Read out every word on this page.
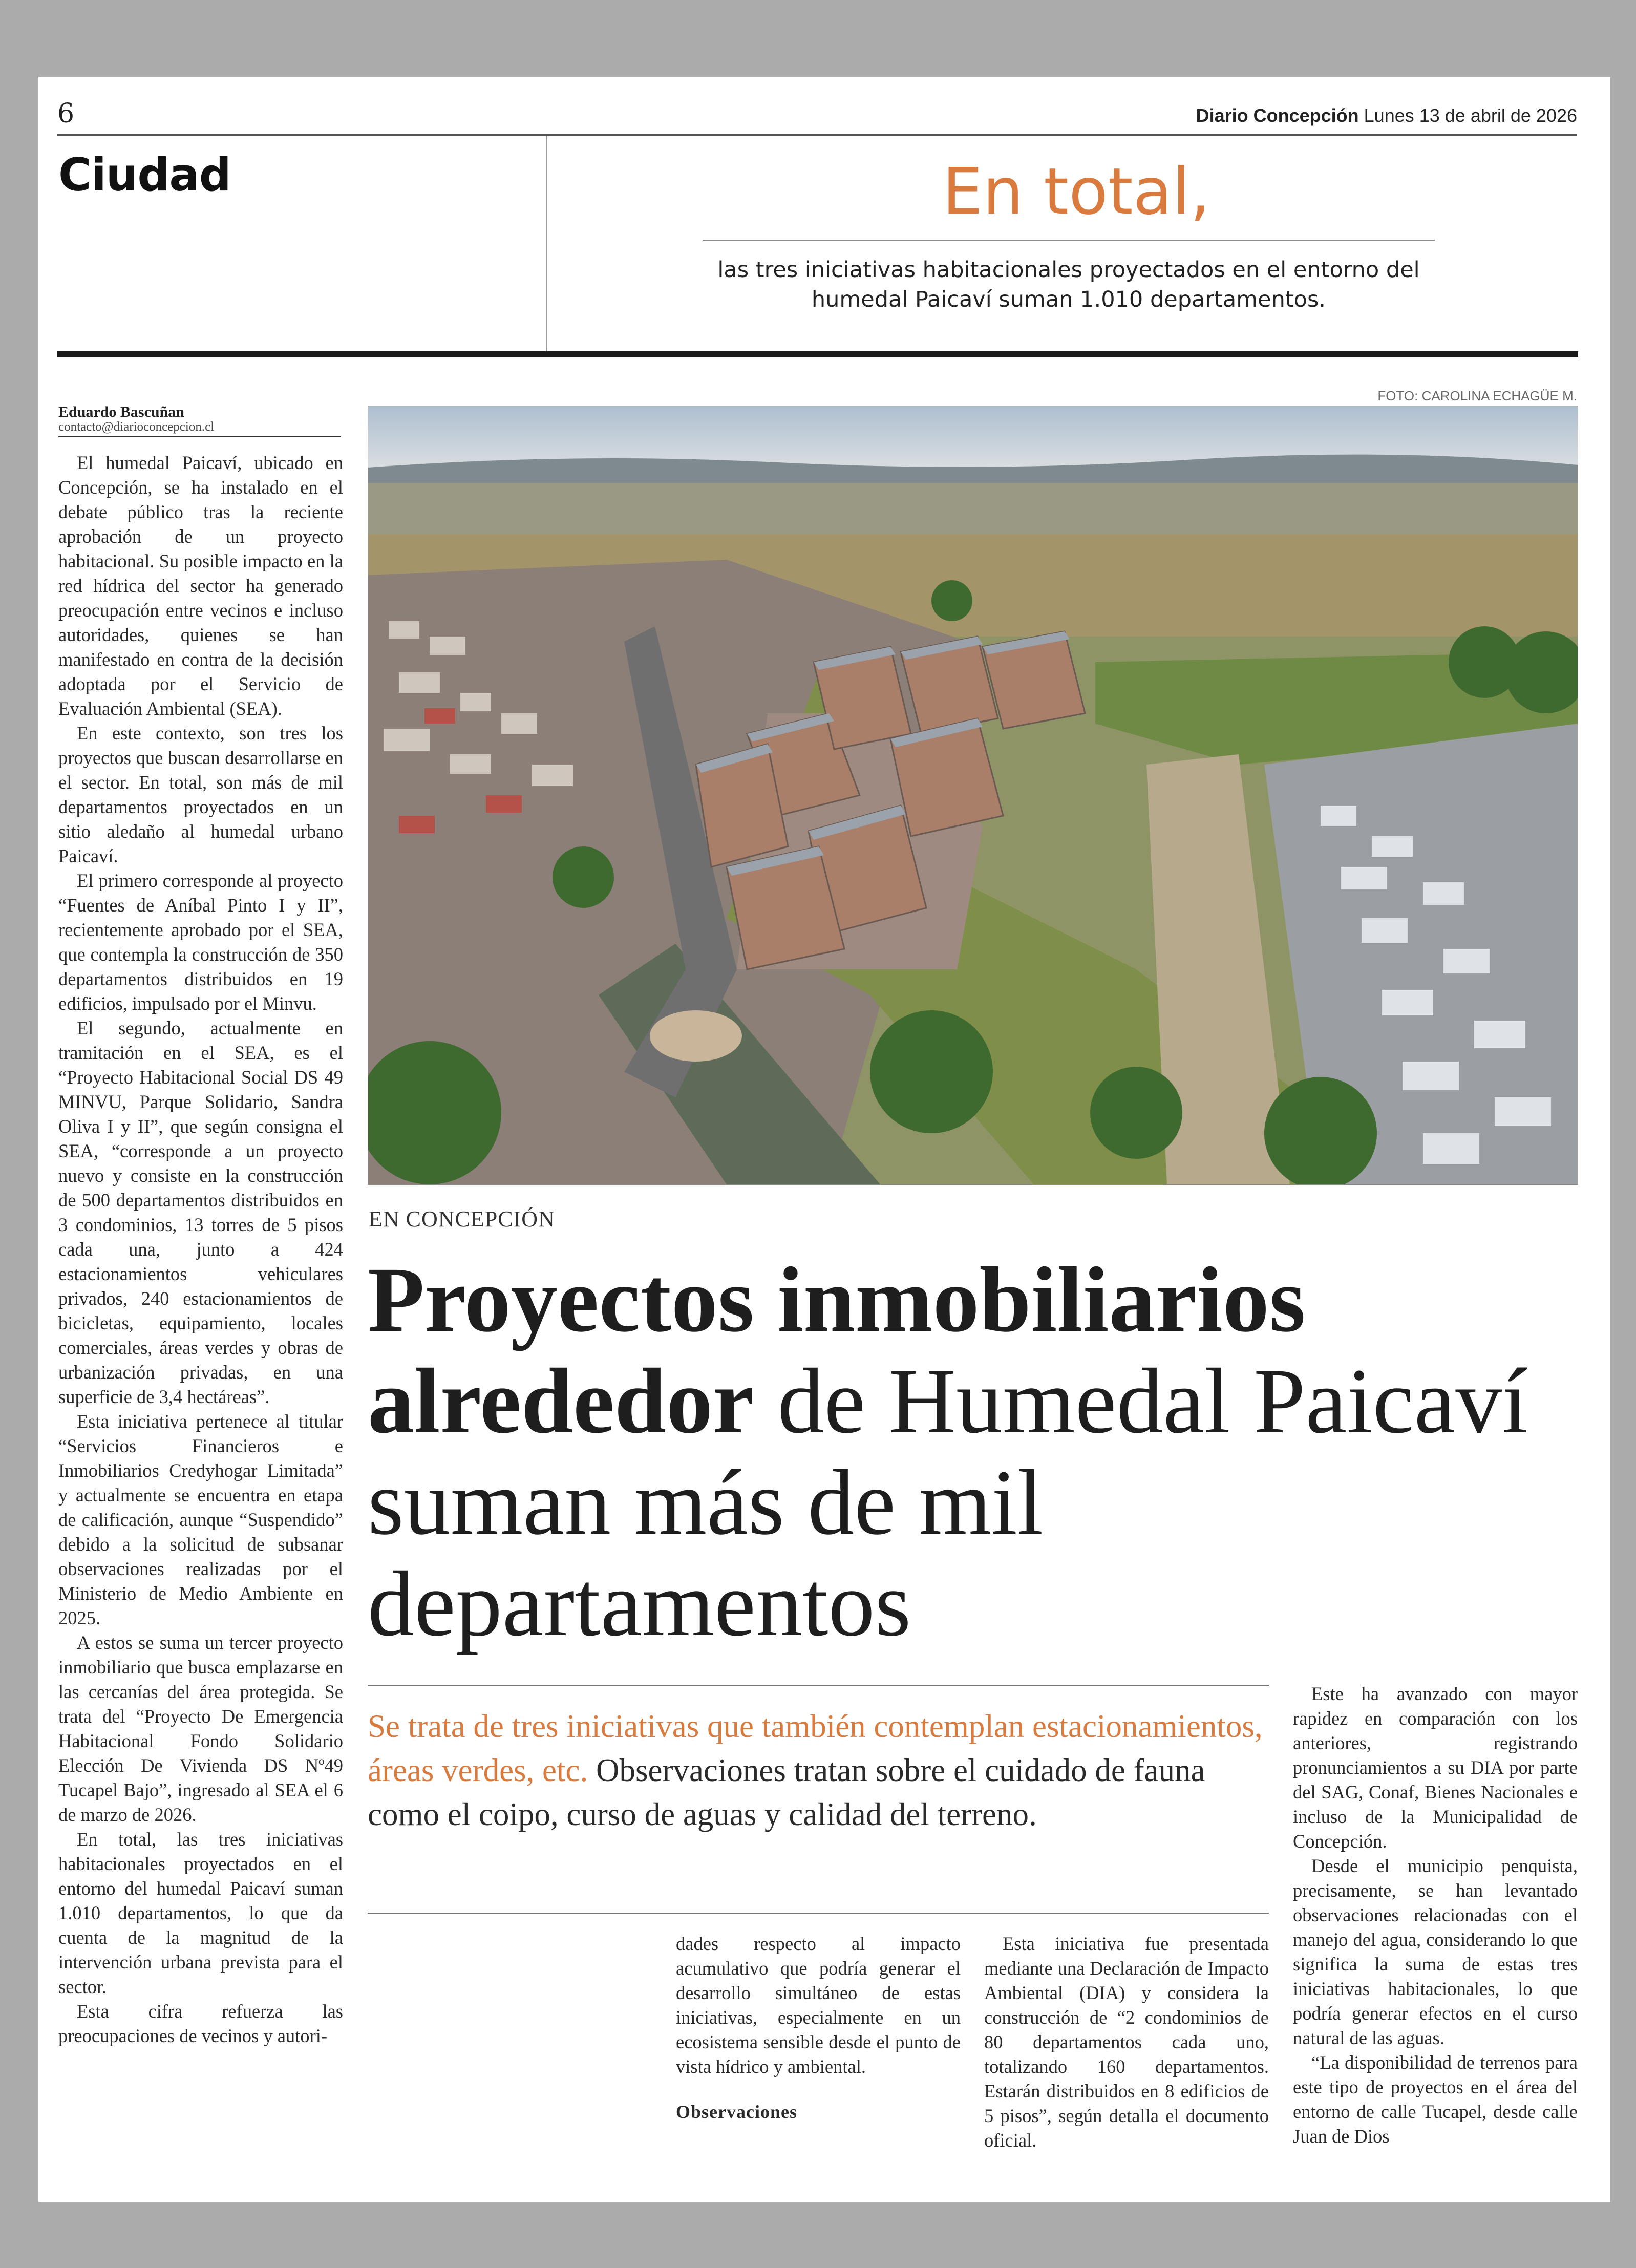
6	Diario Concepción Lunes 13 de abril de 2026
Ciudad	En total,
las tres iniciativas habitacionales proyectados en el entorno del humedal Paicaví suman 1.010 departamentos.
Eduardo Bascuñan
contacto@diarioconcepcion.cl

El humedal Paicaví, ubicado en Concepción, se ha instalado en el debate público tras la reciente aprobación de un proyecto habitacional. Su posible impacto en la red hídrica del sector ha generado preocupación entre vecinos e incluso autoridades, quienes se han manifestado en contra de la decisión adoptada por el Servicio de Evaluación Ambiental (SEA).

En este contexto, son tres los proyectos que buscan desarrollarse en el sector. En total, son más de mil departamentos proyectados en un sitio aledaño al humedal urbano Paicaví.

El primero corresponde al proyecto “Fuentes de Aníbal Pinto I y II”, recientemente aprobado por el SEA, que contempla la construcción de 350 departamentos distribuidos en 19 edificios, impulsado por el Minvu.

El segundo, actualmente en tramitación en el SEA, es el “Proyecto Habitacional Social DS 49 MINVU, Parque Solidario, Sandra Oliva I y II”, que según consigna el SEA, “corresponde a un proyecto nuevo y consiste en la construcción de 500 departamentos distribuidos en 3 condominios, 13 torres de 5 pisos cada una, junto a 424 estacionamientos vehiculares privados, 240 estacionamientos de bicicletas, equipamiento, locales comerciales, áreas verdes y obras de urbanización privadas, en una superficie de 3,4 hectáreas”.

Esta iniciativa pertenece al titular “Servicios Financieros e Inmobiliarios Credyhogar Limitada” y actualmente se encuentra en etapa de calificación, aunque “Suspendido” debido a la solicitud de subsanar observaciones realizadas por el Ministerio de Medio Ambiente en 2025.

A estos se suma un tercer proyecto inmobiliario que busca emplazarse en las cercanías del área protegida. Se trata del “Proyecto De Emergencia Habitacional Fondo Solidario Elección De Vivienda DS Nº49 Tucapel Bajo”, ingresado al SEA el 6 de marzo de 2026.

En total, las tres iniciativas habitacionales proyectados en el entorno del humedal Paicaví suman 1.010 departamentos, lo que da cuenta de la magnitud de la intervención urbana prevista para el sector.

Esta cifra refuerza las preocupaciones de vecinos y autori-

FOTO: CAROLINA ECHAGÜE M.
EN CONCEPCIÓN
Proyectos inmobiliarios alrededor de Humedal Paicaví suman más de mil departamentos
Se trata de tres iniciativas que también contemplan estacionamientos, áreas verdes, etc. Observaciones tratan sobre el cuidado de fauna como el coipo, curso de aguas y calidad del terreno.

dades respecto al impacto acumulativo que podría generar el desarrollo simultáneo de estas iniciativas, especialmente en un ecosistema sensible desde el punto de vista hídrico y ambiental.

Observaciones

Esta iniciativa fue presentada mediante una Declaración de Impacto Ambiental (DIA) y considera la construcción de “2 condominios de 80 departamentos cada uno, totalizando 160 departamentos. Estarán distribuidos en 8 edificios de 5 pisos”, según detalla el documento oficial.

Este ha avanzado con mayor rapidez en comparación con los anteriores, registrando pronunciamientos a su DIA por parte del SAG, Conaf, Bienes Nacionales e incluso de la Municipalidad de Concepción.

Desde el municipio penquista, precisamente, se han levantado observaciones relacionadas con el manejo del agua, considerando lo que significa la suma de estas tres iniciativas habitacionales, lo que podría generar efectos en el curso natural de las aguas.

“La disponibilidad de terrenos para este tipo de proyectos en el área del entorno de calle Tucapel, desde calle Juan de Dios
